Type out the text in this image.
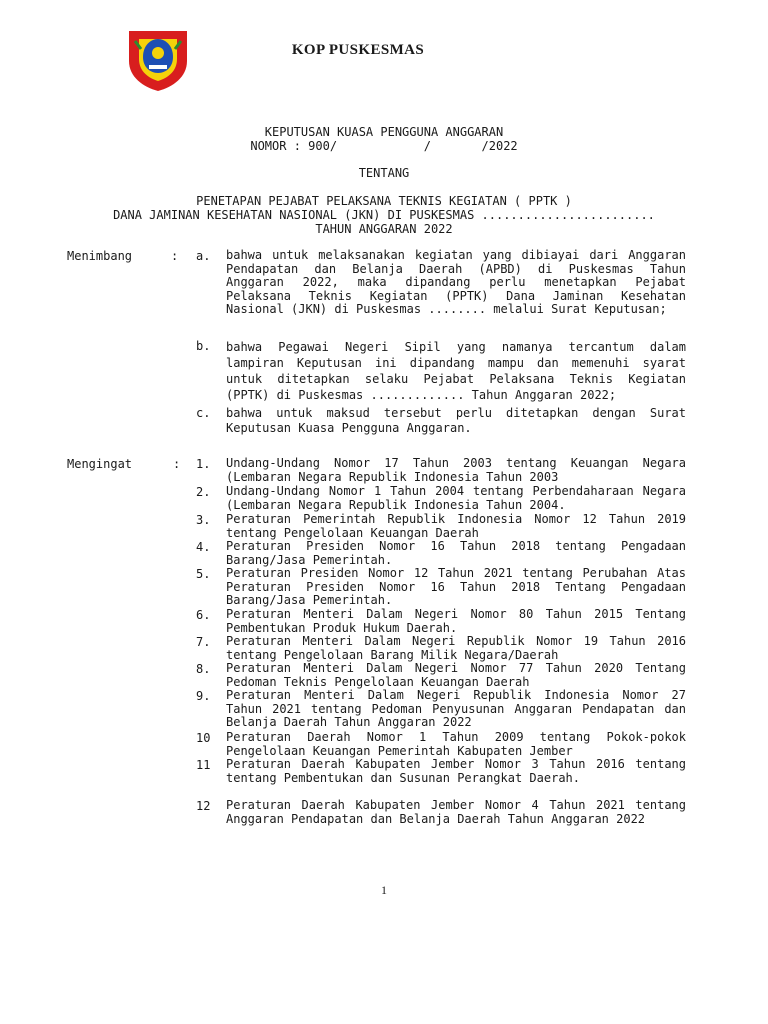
KOP PUSKESMAS
KEPUTUSAN KUASA PENGGUNA ANGGARAN
NOMOR : 900/            /       /2022
TENTANG
PENETAPAN PEJABAT PELAKSANA TEKNIS KEGIATAN ( PPTK )
DANA JAMINAN KESEHATAN NASIONAL (JKN) DI PUSKESMAS ........................
TAHUN ANGGARAN 2022
Menimbang	: a. bahwa untuk melaksanakan kegiatan yang dibiayai dari Anggaran Pendapatan dan Belanja Daerah (APBD) di Puskesmas Tahun Anggaran 2022, maka dipandang perlu menetapkan Pejabat Pelaksana Teknis Kegiatan (PPTK) Dana Jaminan Kesehatan Nasional (JKN) di Puskesmas ........ melalui Surat Keputusan;
b. bahwa Pegawai Negeri Sipil yang namanya tercantum dalam lampiran Keputusan ini dipandang mampu dan memenuhi syarat untuk ditetapkan selaku Pejabat Pelaksana Teknis Kegiatan (PPTK) di Puskesmas ............. Tahun Anggaran 2022;
c. bahwa untuk maksud tersebut perlu ditetapkan dengan Surat Keputusan Kuasa Pengguna Anggaran.
Mengingat	: 1. Undang-Undang Nomor 17 Tahun 2003 tentang Keuangan Negara (Lembaran Negara Republik Indonesia Tahun 2003
2. Undang-Undang Nomor 1 Tahun 2004 tentang Perbendaharaan Negara (Lembaran Negara Republik Indonesia Tahun 2004.
3. Peraturan Pemerintah Republik Indonesia Nomor 12 Tahun 2019 tentang Pengelolaan Keuangan Daerah
4. Peraturan Presiden Nomor 16 Tahun 2018 tentang Pengadaan Barang/Jasa Pemerintah.
5. Peraturan Presiden Nomor 12 Tahun 2021 tentang Perubahan Atas Peraturan Presiden Nomor 16 Tahun 2018 Tentang Pengadaan Barang/Jasa Pemerintah.
6. Peraturan Menteri Dalam Negeri Nomor 80 Tahun 2015 Tentang Pembentukan Produk Hukum Daerah.
7. Peraturan Menteri Dalam Negeri Republik Nomor 19 Tahun 2016 tentang Pengelolaan Barang Milik Negara/Daerah
8. Peraturan Menteri Dalam Negeri Nomor 77 Tahun 2020 Tentang Pedoman Teknis Pengelolaan Keuangan Daerah
9. Peraturan Menteri Dalam Negeri Republik Indonesia Nomor 27 Tahun 2021 tentang Pedoman Penyusunan Anggaran Pendapatan dan Belanja Daerah Tahun Anggaran 2022
10 Peraturan Daerah Nomor 1 Tahun 2009 tentang Pokok-pokok Pengelolaan Keuangan Pemerintah Kabupaten Jember
11 Peraturan Daerah Kabupaten Jember Nomor 3 Tahun 2016 tentang tentang Pembentukan dan Susunan Perangkat Daerah.
12 Peraturan Daerah Kabupaten Jember Nomor 4 Tahun 2021 tentang Anggaran Pendapatan dan Belanja Daerah Tahun Anggaran 2022
1
